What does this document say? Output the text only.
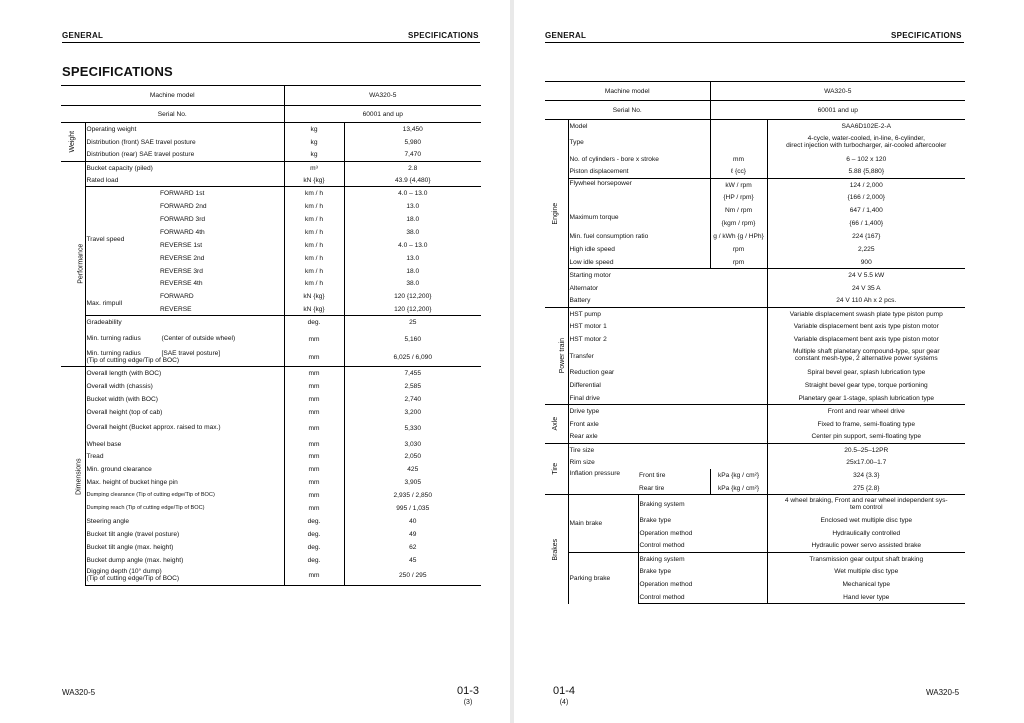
GENERAL	SPECIFICATIONS
SPECIFICATIONS
Machine model			WA320-5	
Serial No.			60001 and up	
Weight	Operating weight		kg	13,450
	Distribution (front) SAE travel posture		kg	5,980
	Distribution (rear) SAE travel posture		kg	7,470
Performance	Bucket capacity (piled)		m³	2.8
	Rated load		kN {kg}	43.9 {4,480}
	Travel speed	FORWARD 1st	km / h	4.0 – 13.0
		FORWARD 2nd	km / h	13.0
		FORWARD 3rd	km / h	18.0
		FORWARD 4th	km / h	38.0
		REVERSE 1st	km / h	4.0 – 13.0
		REVERSE 2nd	km / h	13.0
		REVERSE 3rd	km / h	18.0
		REVERSE 4th	km / h	38.0
	Max. rimpull	FORWARD	kN {kg}	120 {12,200}
		REVERSE	kN {kg}	120 {12,200}
	Gradeability		deg.	25

	Min. turning radius (Center of outside wheel)		mm	5,160

	Min. turning radius [SAE travel posture]
(Tip of cutting edge/Tip of BOC)		mm	6,025 / 6,090
Dimensions	Overall length (with BOC)		mm	7,455
	Overall width (chassis)		mm	2,585
	Bucket width (with BOC)		mm	2,740
	Overall height (top of cab)		mm	3,200
	Overall height (Bucket approx. raised to max.)		mm	5,330
	Wheel base		mm	3,030
	Tread		mm	2,050
	Min. ground clearance		mm	425
	Max. height of bucket hinge pin		mm	3,905
	Dumping clearance (Tip of cutting edge/Tip of BOC)		mm	2,935 / 2,850
	Dumping reach (Tip of cutting edge/Tip of BOC)		mm	995 / 1,035
	Steering angle		deg.	40
	Bucket tilt angle (travel posture)		deg.	49
	Bucket tilt angle (max. height)		deg.	62
	Bucket dump angle (max. height)		deg.	45
	Digging depth (10° dump)
(Tip of cutting edge/Tip of BOC)		mm	250 / 295
WA320-5	01-3
(3)
GENERAL	SPECIFICATIONS
Machine model			WA320-5	
Serial No.			60001 and up	
Engine	Model			SAA6D102E-2-A
	Type			4-cycle, water-cooled, in-line, 6-cylinder,
direct injection with turbocharger, air-cooled aftercooler
	No. of cylinders - bore x stroke		mm	6 – 102 x 120
	Piston displacement		ℓ {cc}	5.88 {5,880}
	Flywheel horsepower		kW / rpm	124 / 2,000
			{HP / rpm}	{166 / 2,000}
	Maximum torque		Nm / rpm	647 / 1,400
			{kgm / rpm}	{66 / 1,400}
	Min. fuel consumption ratio		g / kWh {g / HPh}	224 {167}
	High idle speed		rpm	2,225
	Low idle speed		rpm	900
	Starting motor			24 V 5.5 kW
	Alternator			24 V 35 A
	Battery			24 V 110 Ah x 2 pcs.
Power train	HST pump			Variable displacement swash plate type piston pump
	HST motor 1			Variable displacement bent axis type piston motor
	HST motor 2			Variable displacement bent axis type piston motor
	Transfer			Multiple shaft planetary compound-type, spur gear
constant mesh-type, 2 alternative power systems
	Reduction gear			Spiral bevel gear, splash lubrication type
	Differential			Straight bevel gear type, torque portioning
	Final drive			Planetary gear 1-stage, splash lubrication type
Axle	Drive type			Front and rear wheel drive
	Front axle			Fixed to frame, semi-floating type
	Rear axle			Center pin support, semi-floating type
Tire	Tire size			20.5–25–12PR
	Rim size			25x17.00–1.7
	Inflation pressure	Front tire	kPa {kg / cm²}	324 {3.3}
		Rear tire	kPa {kg / cm²}	275 {2.8}
Brakes	Main brake	Braking system		4 wheel braking, Front and rear wheel independent sys-
tem control
		Brake type		Enclosed wet multiple disc type
		Operation method		Hydraulically controlled
		Control method		Hydraulic power servo assisted brake
	Parking brake	Braking system		Transmission gear output shaft braking
		Brake type		Wet multiple disc type
		Operation method		Mechanical type
		Control method		Hand lever type
01-4
(4)
WA320-5
